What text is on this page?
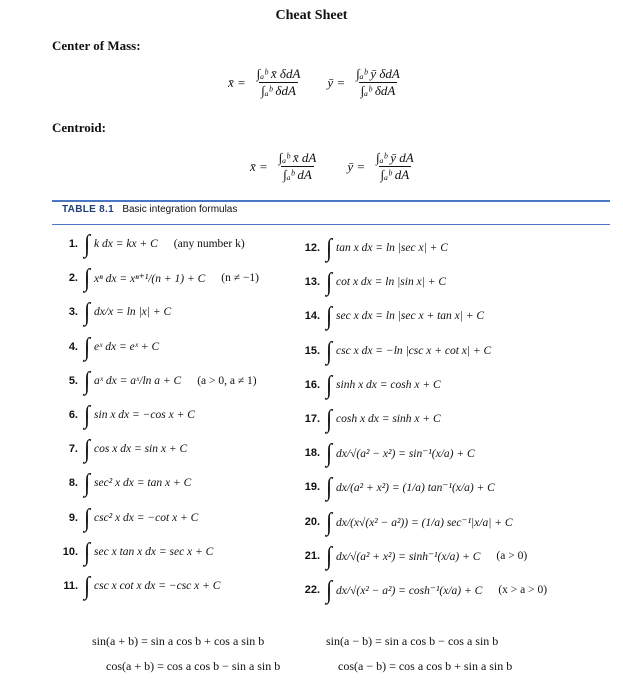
Cheat Sheet
Center of Mass:
x̄ = $\frac{\text{∫ₐᵇ x̄ δdA}}{\text{∫ₐᵇ δdA}}$ ȳ = $\frac{\text{∫ₐᵇ ȳ δdA}}{\text{∫ₐᵇ δdA}}$
Centroid:
x̄ = $\frac{\text{∫ₐᵇ x̄ dA}}{\text{∫ₐᵇ dA}}$ ȳ = $\frac{\text{∫ₐᵇ ȳ dA}}{\text{∫ₐᵇ dA}}$
TABLE 8.1 Basic integration formulas
1. ∫ k dx = kx + C (any number k)
2. ∫ xⁿ dx = xⁿ⁺¹/(n + 1) + C (n ≠ −1)
3. ∫ dx/x = ln |x| + C
4. ∫ eˣ dx = eˣ + C
5. ∫ aˣ dx = aˣ/ln a + C (a > 0, a ≠ 1)
6. ∫ sin x dx = −cos x + C
7. ∫ cos x dx = sin x + C
8. ∫ sec² x dx = tan x + C
9. ∫ csc² x dx = −cot x + C
10. ∫ sec x tan x dx = sec x + C
11. ∫ csc x cot x dx = −csc x + C
12. ∫ tan x dx = ln |sec x| + C
13. ∫ cot x dx = ln |sin x| + C
14. ∫ sec x dx = ln |sec x + tan x| + C
15. ∫ csc x dx = −ln |csc x + cot x| + C
16. ∫ sinh x dx = cosh x + C
17. ∫ cosh x dx = sinh x + C
18. ∫ dx/√(a² − x²) = sin⁻¹(x/a) + C
19. ∫ dx/(a² + x²) = (1/a) tan⁻¹(x/a) + C
20. ∫ dx/(x√(x² − a²)) = (1/a) sec⁻¹|x/a| + C
21. ∫ dx/√(a² + x²) = sinh⁻¹(x/a) + C (a > 0)
22. ∫ dx/√(x² − a²) = cosh⁻¹(x/a) + C (x > a > 0)
sin(a + b) = sin a cos b + cos a sin b	sin(a − b) = sin a cos b − cos a sin b
cos(a + b) = cos a cos b − sin a sin b	cos(a − b) = cos a cos b + sin a sin b
